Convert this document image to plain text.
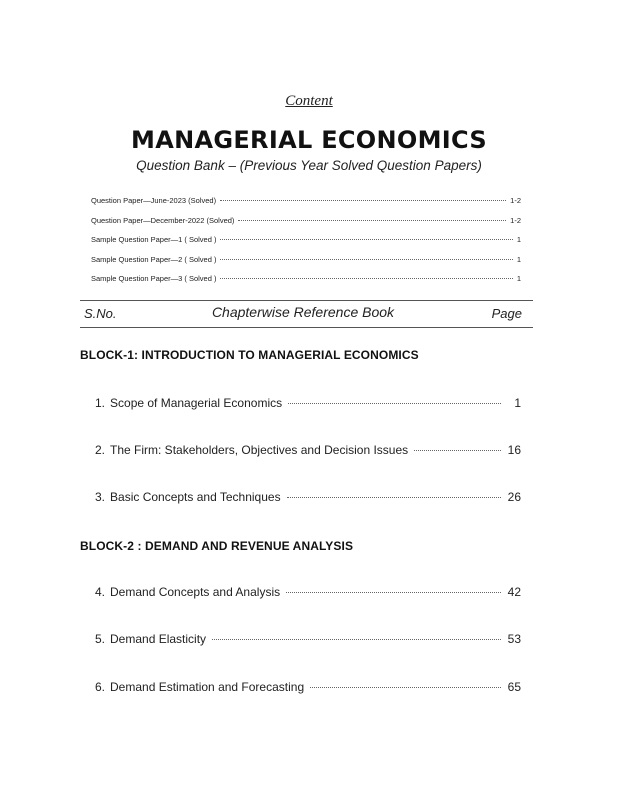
Content
MANAGERIAL ECONOMICS
Question Bank – (Previous Year Solved Question Papers)
Question Paper—June-2023 (Solved)	1-2
Question Paper—December-2022 (Solved)	1-2
Sample Question Paper—1 ( Solved )	1
Sample Question Paper—2 ( Solved )	1
Sample Question Paper—3 ( Solved )	1
S.No.	Chapterwise Reference Book	Page
BLOCK-1: INTRODUCTION TO MANAGERIAL ECONOMICS
1. Scope of Managerial Economics	1
2. The Firm: Stakeholders, Objectives and Decision Issues	16
3. Basic Concepts and Techniques	26
BLOCK-2 : DEMAND AND REVENUE ANALYSIS
4. Demand Concepts and Analysis	42
5. Demand Elasticity	53
6. Demand Estimation and Forecasting	65
